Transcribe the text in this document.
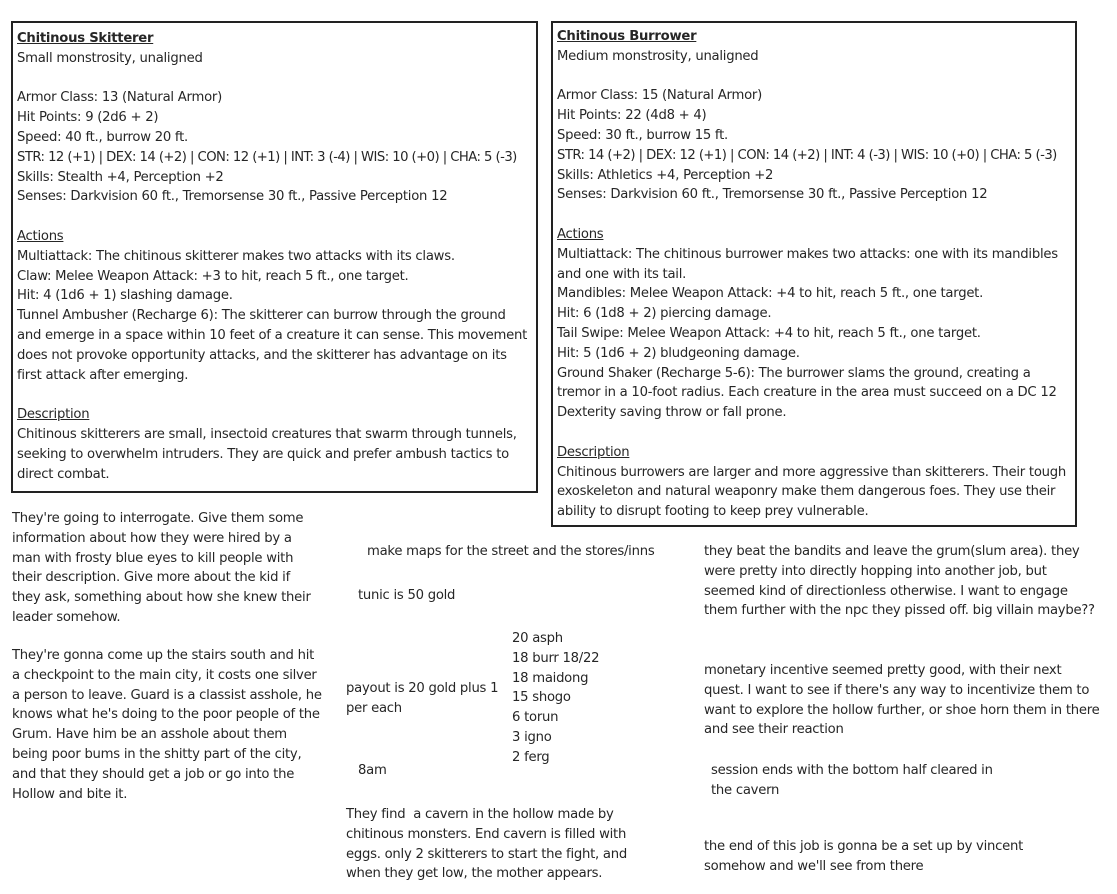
Chitinous Skitterer
Small monstrosity, unaligned
Armor Class: 13 (Natural Armor)
Hit Points: 9 (2d6 + 2)
Speed: 40 ft., burrow 20 ft.
STR: 12 (+1) | DEX: 14 (+2) | CON: 12 (+1) | INT: 3 (-4) | WIS: 10 (+0) | CHA: 5 (-3)
Skills: Stealth +4, Perception +2
Senses: Darkvision 60 ft., Tremorsense 30 ft., Passive Perception 12
Actions
Multiattack: The chitinous skitterer makes two attacks with its claws.
Claw: Melee Weapon Attack: +3 to hit, reach 5 ft., one target.
Hit: 4 (1d6 + 1) slashing damage.
Tunnel Ambusher (Recharge 6): The skitterer can burrow through the ground and emerge in a space within 10 feet of a creature it can sense. This movement does not provoke opportunity attacks, and the skitterer has advantage on its first attack after emerging.
Description
Chitinous skitterers are small, insectoid creatures that swarm through tunnels, seeking to overwhelm intruders. They are quick and prefer ambush tactics to direct combat.
Chitinous Burrower
Medium monstrosity, unaligned
Armor Class: 15 (Natural Armor)
Hit Points: 22 (4d8 + 4)
Speed: 30 ft., burrow 15 ft.
STR: 14 (+2) | DEX: 12 (+1) | CON: 14 (+2) | INT: 4 (-3) | WIS: 10 (+0) | CHA: 5 (-3)
Skills: Athletics +4, Perception +2
Senses: Darkvision 60 ft., Tremorsense 30 ft., Passive Perception 12
Actions
Multiattack: The chitinous burrower makes two attacks: one with its mandibles and one with its tail.
Mandibles: Melee Weapon Attack: +4 to hit, reach 5 ft., one target.
Hit: 6 (1d8 + 2) piercing damage.
Tail Swipe: Melee Weapon Attack: +4 to hit, reach 5 ft., one target.
Hit: 5 (1d6 + 2) bludgeoning damage.
Ground Shaker (Recharge 5-6): The burrower slams the ground, creating a tremor in a 10-foot radius. Each creature in the area must succeed on a DC 12 Dexterity saving throw or fall prone.
Description
Chitinous burrowers are larger and more aggressive than skitterers. Their tough exoskeleton and natural weaponry make them dangerous foes. They use their ability to disrupt footing to keep prey vulnerable.

They're going to interrogate. Give them some information about how they were hired by a man with frosty blue eyes to kill people with their description. Give more about the kid if they ask, something about how she knew their leader somehow.

They're gonna come up the stairs south and hit a checkpoint to the main city, it costs one silver a person to leave. Guard is a classist asshole, he knows what he's doing to the poor people of the Grum. Have him be an asshole about them being poor bums in the shitty part of the city, and that they should get a job or go into the Hollow and bite it.

make maps for the street and the stores/inns

tunic is 50 gold

payout is 20 gold plus 1 per each

20 asph

18 burr 18/22

18 maidong

15 shogo

6 torun

3 igno

2 ferg

8am

They find  a cavern in the hollow made by chitinous monsters. End cavern is filled with eggs. only 2 skitterers to start the fight, and when they get low, the mother appears.

they beat the bandits and leave the grum(slum area). they were pretty into directly hopping into another job, but seemed kind of directionless otherwise. I want to engage them further with the npc they pissed off. big villain maybe??

monetary incentive seemed pretty good, with their next quest. I want to see if there's any way to incentivize them to want to explore the hollow further, or shoe horn them in there and see their reaction

session ends with the bottom half cleared in the cavern

the end of this job is gonna be a set up by vincent somehow and we'll see from there
